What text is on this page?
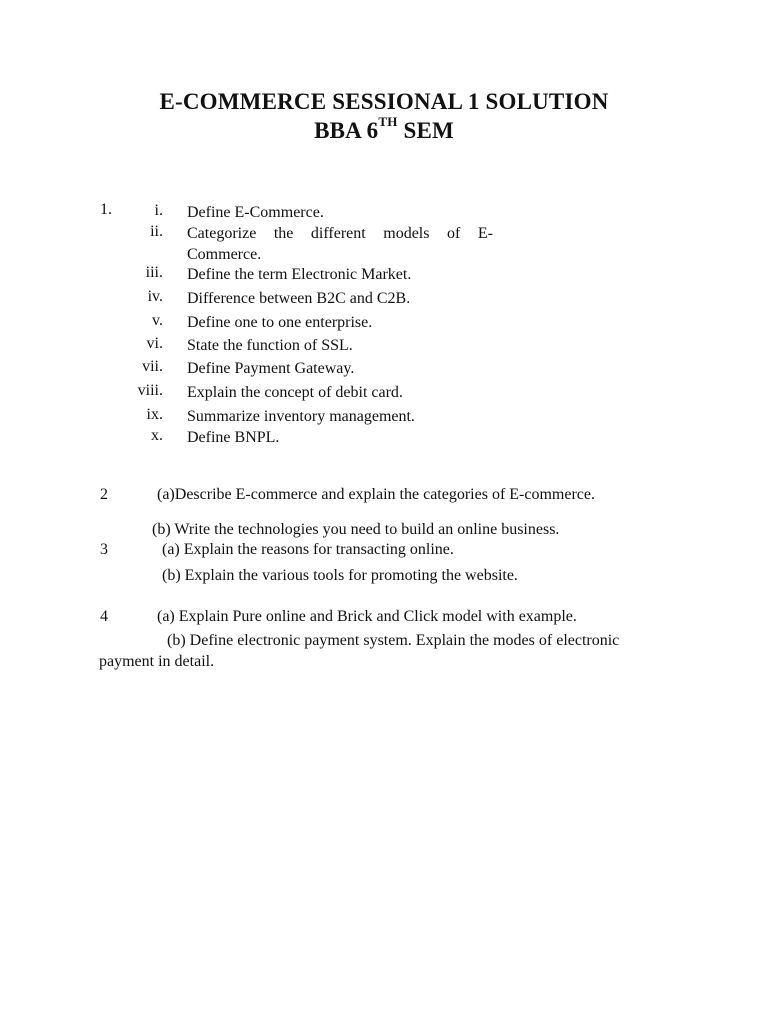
E-COMMERCE SESSIONAL 1 SOLUTION
BBA 6TH SEM
1.	i. Define E-Commerce.
ii. Categorize the different models of E-Commerce.
iii. Define the term Electronic Market.
iv. Difference between B2C and C2B.
v. Define one to one enterprise.
vi. State the function of SSL.
vii. Define Payment Gateway.
viii. Explain the concept of debit card.
ix. Summarize inventory management.
x. Define BNPL.
2	(a)Describe E-commerce and explain the categories of E-commerce.
(b) Write the technologies you need to build an online business.
3	(a) Explain the reasons for transacting online.
(b) Explain the various tools for promoting the website.
4	(a) Explain Pure online and Brick and Click model with example.
(b) Define electronic payment system. Explain the modes of electronic
payment in detail.
